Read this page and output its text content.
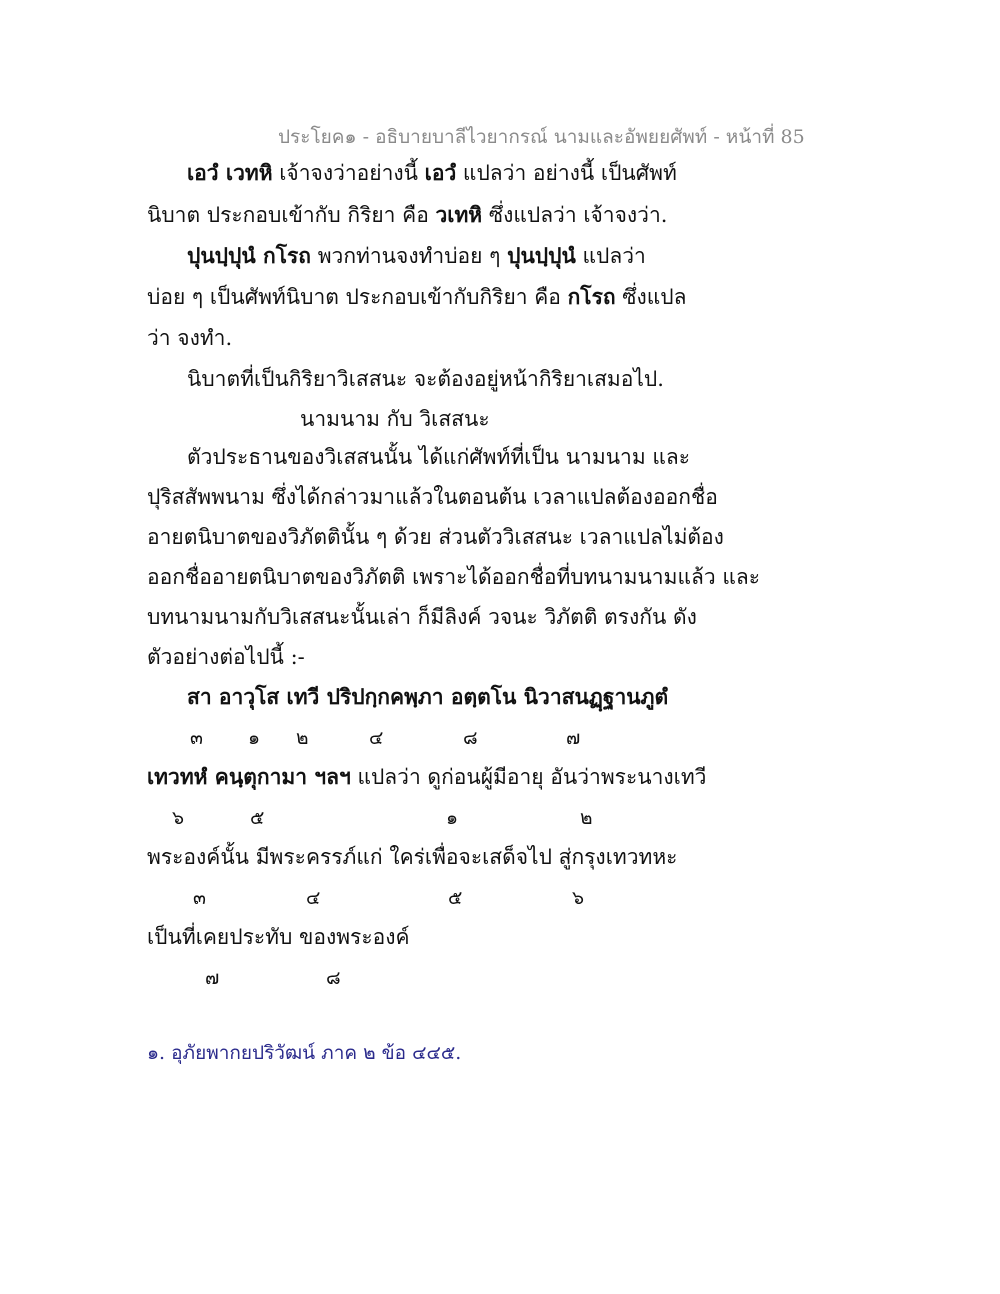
ประโยค๑ - อธิบายบาลีไวยากรณ์ นามและอัพยยศัพท์ - หน้าที่ 85
เอวํ เวทหิ เจ้าจงว่าอย่างนี้ เอวํ แปลว่า อย่างนี้ เป็นศัพท์
นิบาต ประกอบเข้ากับ กิริยา คือ วเทหิ ซึ่งแปลว่า เจ้าจงว่า.
ปุนปฺปุนํ กโรถ พวกท่านจงทำบ่อย ๆ ปุนปฺปุนํ แปลว่า
บ่อย ๆ เป็นศัพท์นิบาต ประกอบเข้ากับกิริยา คือ กโรถ ซึ่งแปล
ว่า จงทำ.
นิบาตที่เป็นกิริยาวิเสสนะ จะต้องอยู่หน้ากิริยาเสมอไป.
นามนาม กับ วิเสสนะ
ตัวประธานของวิเสสนนั้น ได้แก่ศัพท์ที่เป็น นามนาม และ
ปุริสสัพพนาม ซึ่งได้กล่าวมาแล้วในตอนต้น เวลาแปลต้องออกชื่อ
อายตนิบาตของวิภัตตินั้น ๆ ด้วย ส่วนตัววิเสสนะ เวลาแปลไม่ต้อง
ออกชื่ออายตนิบาตของวิภัตติ เพราะได้ออกชื่อที่บทนามนามแล้ว และ
บทนามนามกับวิเสสนะนั้นเล่า ก็มีลิงค์ วจนะ วิภัตติ ตรงกัน ดัง
ตัวอย่างต่อไปนี้ :-
สา อาวุโส เทวี ปริปกฺกคพฺภา อตฺตโน นิวาสนฏฺฐานภูตํ
๓ ๑ ๒	๔	๘	๗
เทวทหํ คนฺตุกามา ฯลฯ แปลว่า ดูก่อนผู้มีอายุ อันว่าพระนางเทวี
๖	๕	๑	๒
พระองค์นั้น มีพระครรภ์แก่ ใคร่เพื่อจะเสด็จไป สู่กรุงเทวทหะ
๓	๔	๕	๖
เป็นที่เคยประทับ ของพระองค์
๗	๘
๑. อุภัยพากยปริวัฒน์ ภาค ๒ ข้อ ๔๔๕.
